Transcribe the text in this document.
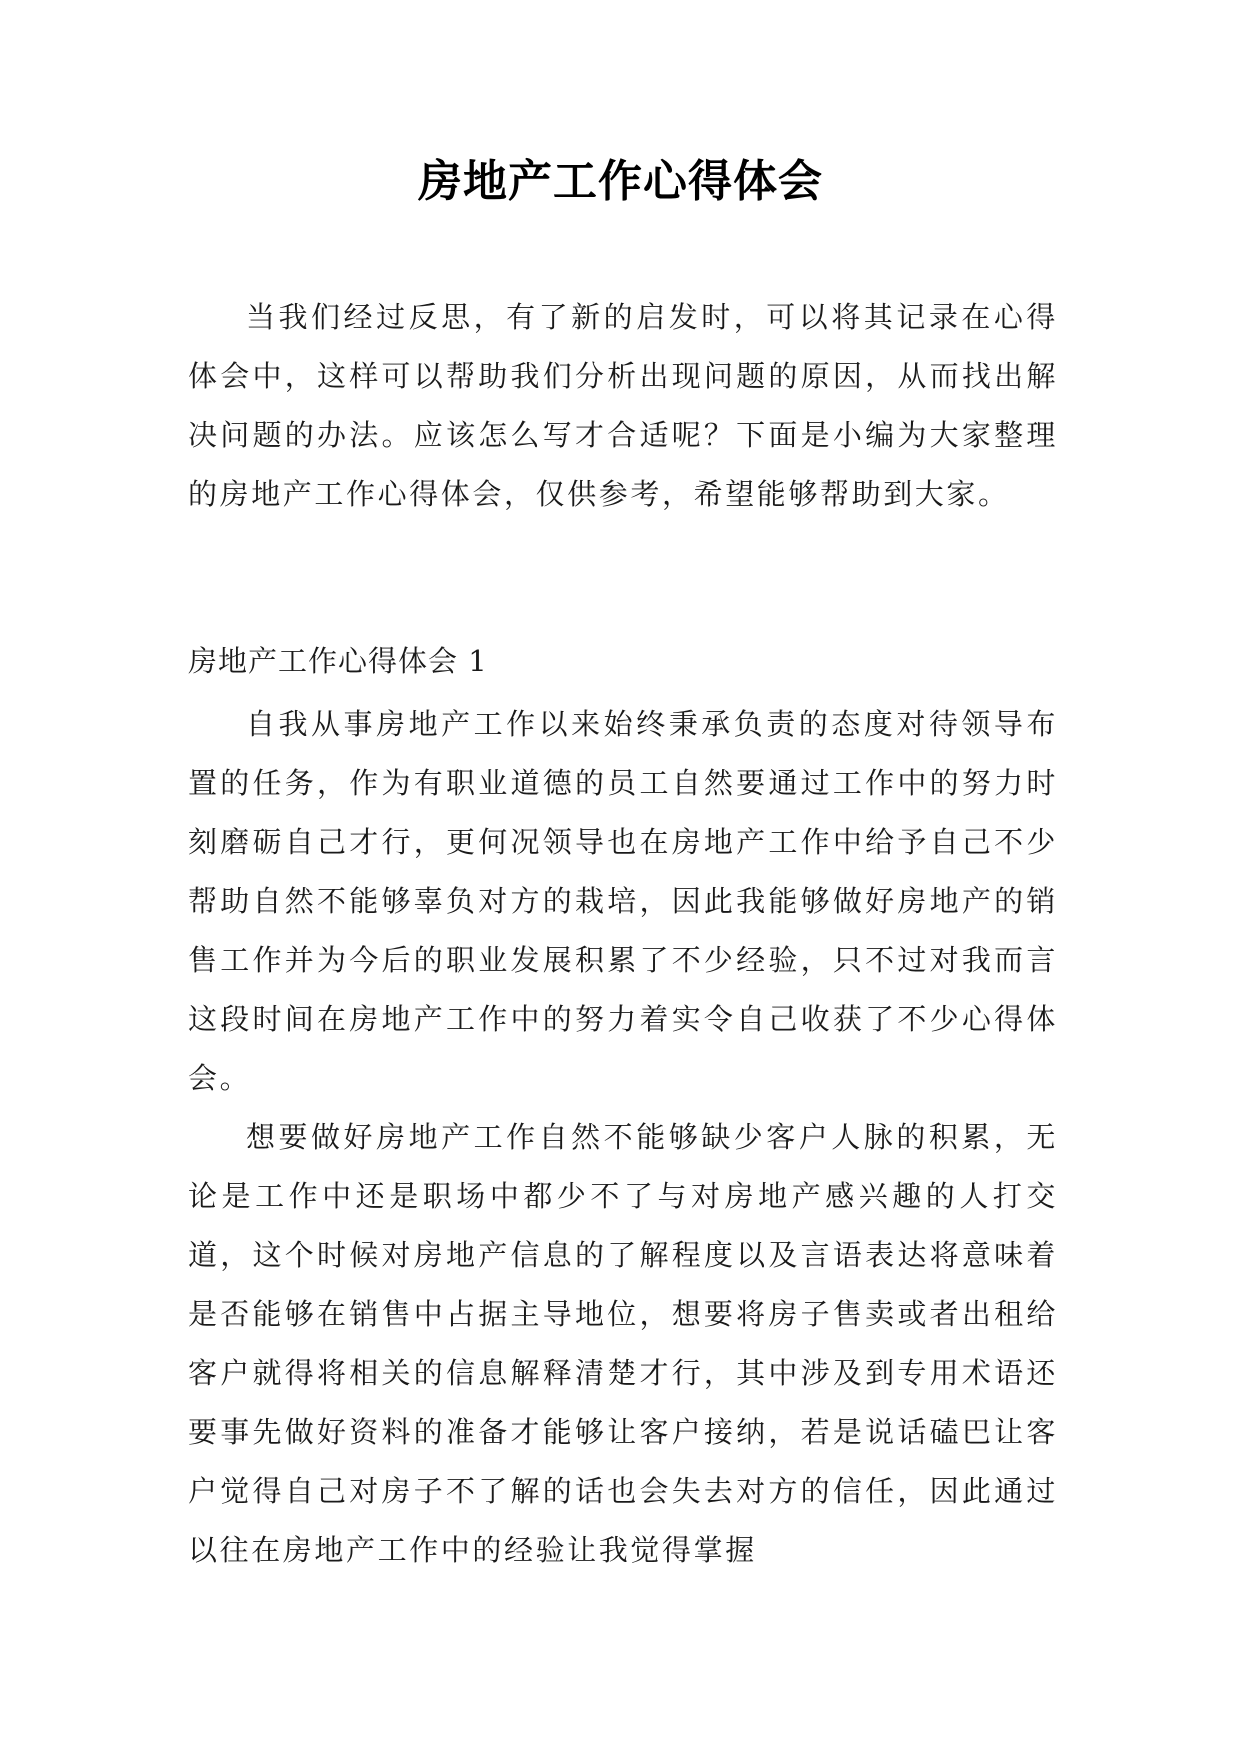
房地产工作心得体会

当我们经过反思，有了新的启发时，可以将其记录在心得体会中，这样可以帮助我们分析出现问题的原因，从而找出解决问题的办法。应该怎么写才合适呢？下面是小编为大家整理的房地产工作心得体会，仅供参考，希望能够帮助到大家。

房地产工作心得体会 1

自我从事房地产工作以来始终秉承负责的态度对待领导布置的任务，作为有职业道德的员工自然要通过工作中的努力时刻磨砺自己才行，更何况领导也在房地产工作中给予自己不少帮助自然不能够辜负对方的栽培，因此我能够做好房地产的销售工作并为今后的职业发展积累了不少经验，只不过对我而言这段时间在房地产工作中的努力着实令自己收获了不少心得体会。

想要做好房地产工作自然不能够缺少客户人脉的积累，无论是工作中还是职场中都少不了与对房地产感兴趣的人打交道，这个时候对房地产信息的了解程度以及言语表达将意味着是否能够在销售中占据主导地位，想要将房子售卖或者出租给客户就得将相关的信息解释清楚才行，其中涉及到专用术语还要事先做好资料的准备才能够让客户接纳，若是说话磕巴让客户觉得自己对房子不了解的话也会失去对方的信任，因此通过以往在房地产工作中的经验让我觉得掌握
